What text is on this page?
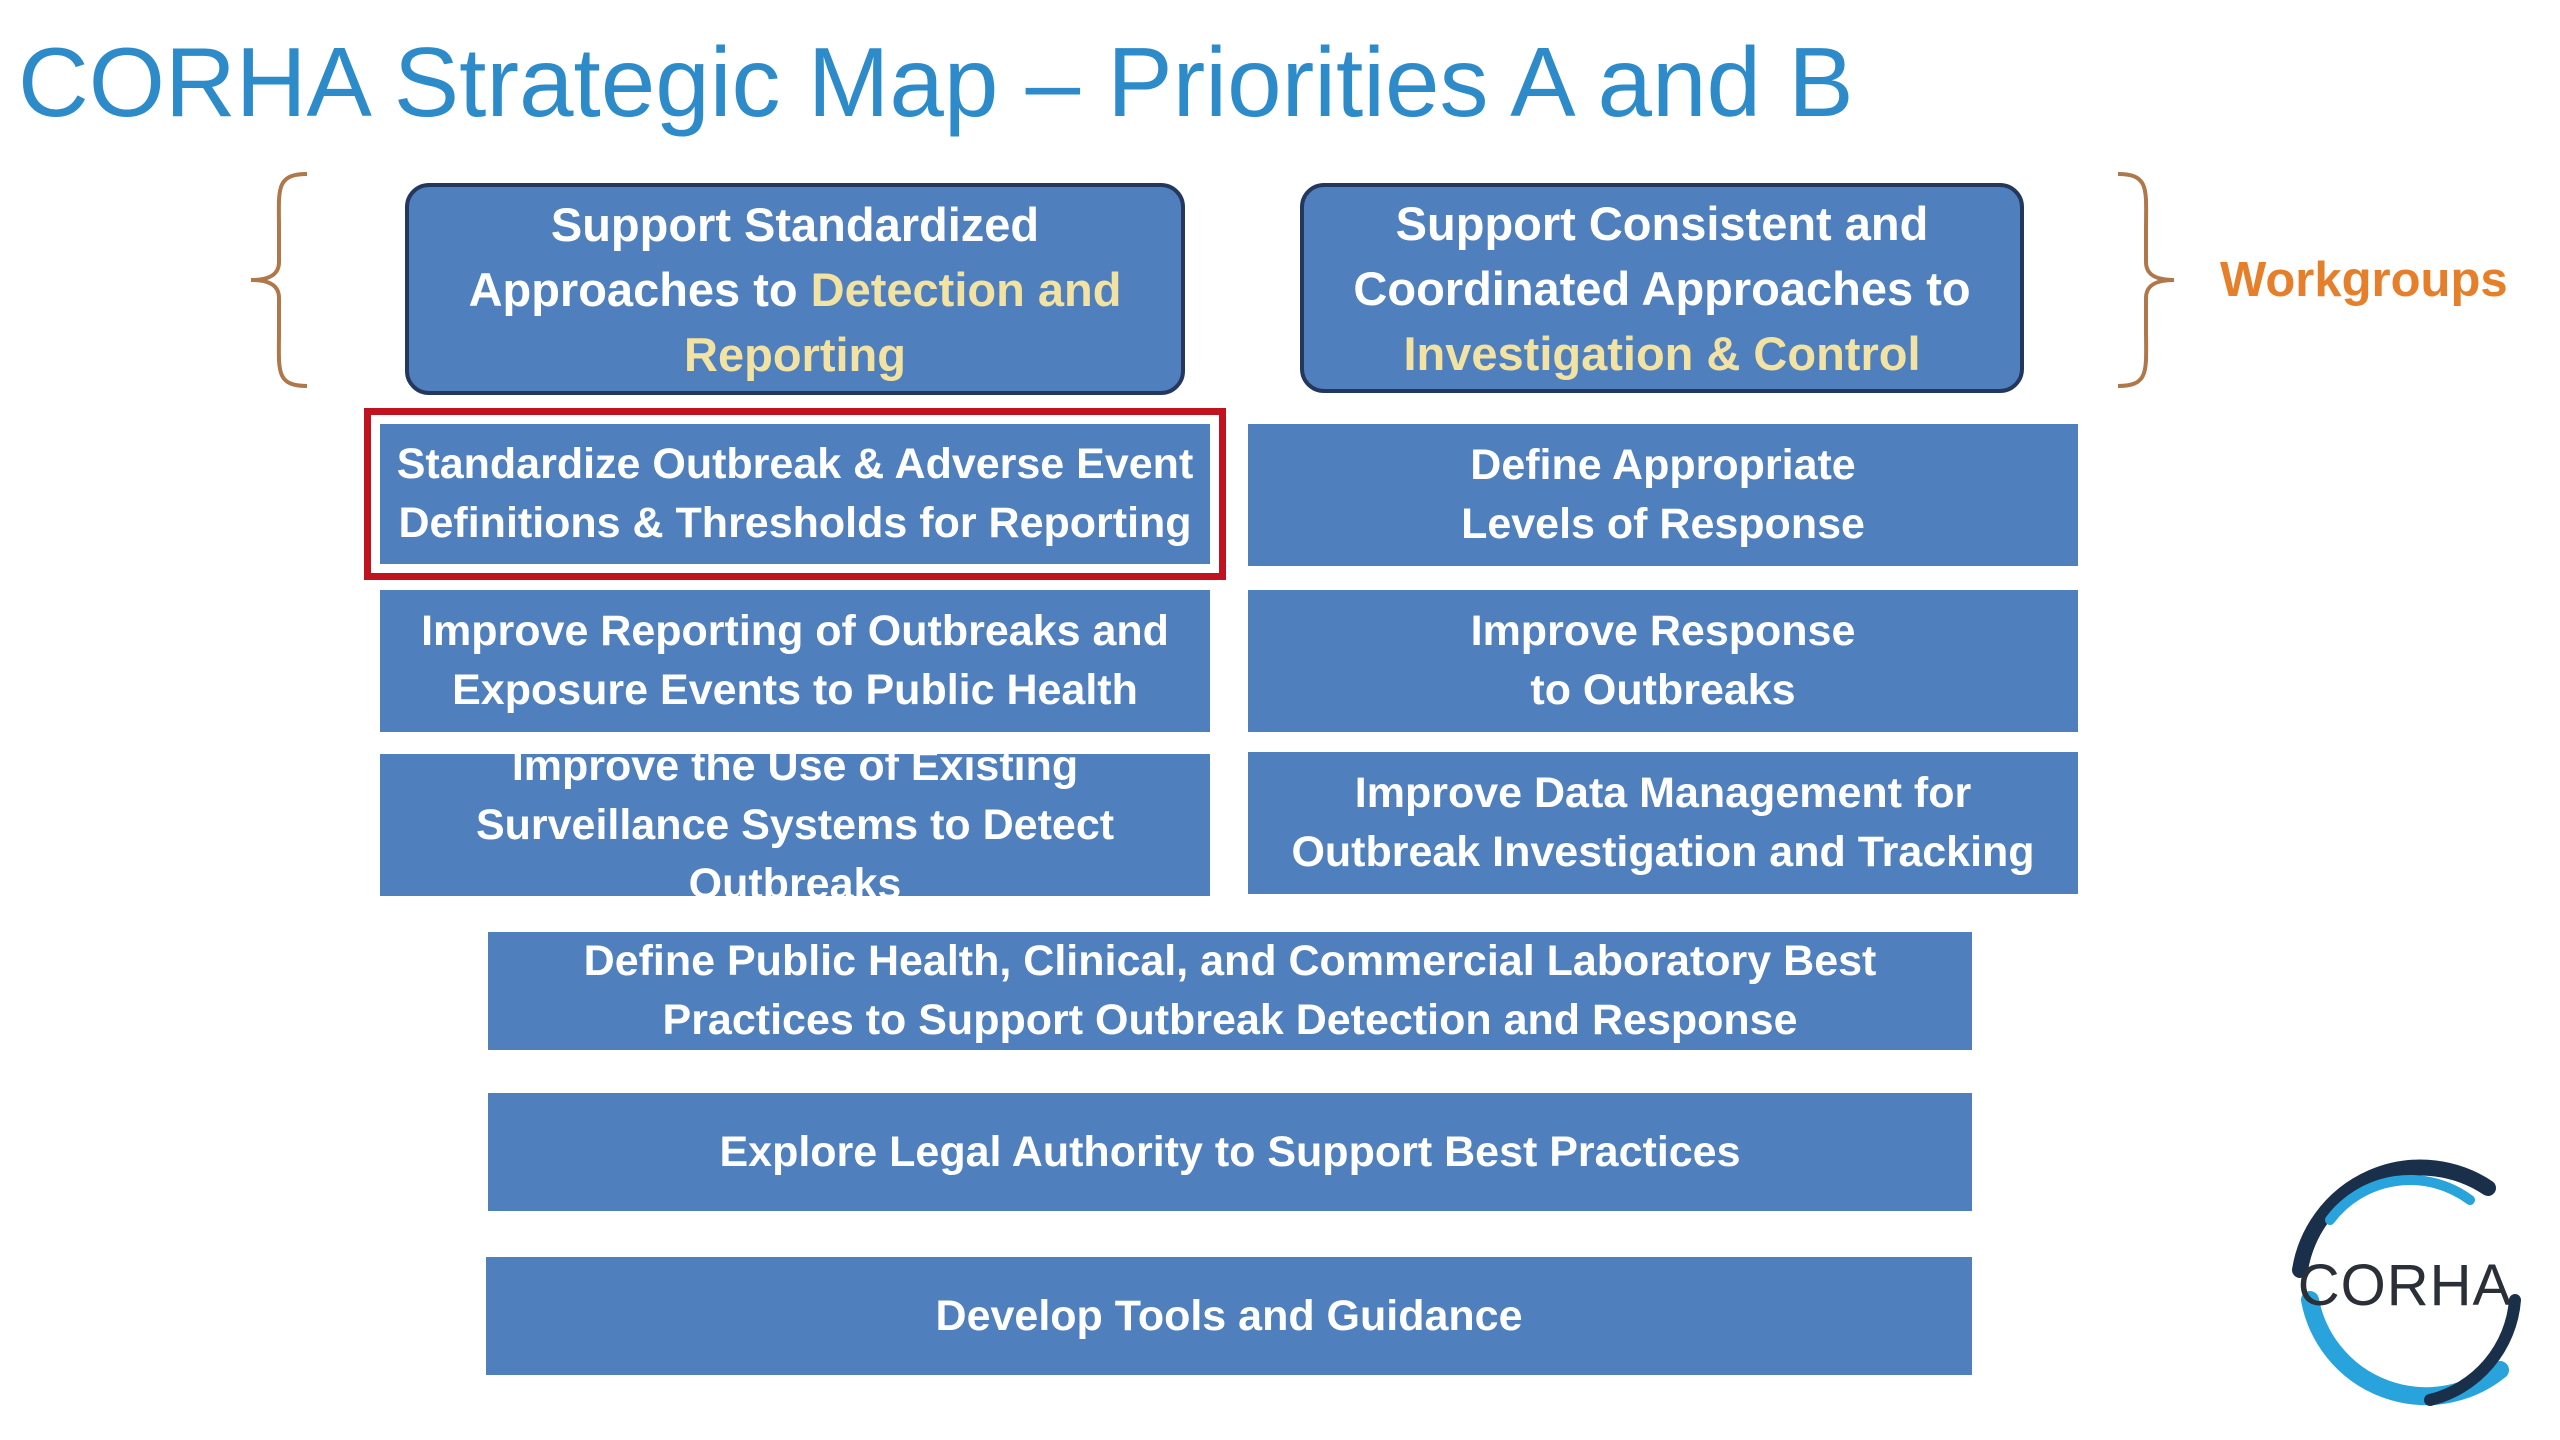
CORHA Strategic Map – Priorities A and B
Workgroups
Support Standardized Approaches to Detection and Reporting
Support Consistent and Coordinated Approaches to Investigation & Control
Standardize Outbreak & Adverse Event Definitions & Thresholds for Reporting
Improve Reporting of Outbreaks and Exposure Events to Public Health
Improve the Use of Existing Surveillance Systems to Detect Outbreaks
Define Appropriate Levels of Response
Improve Response to Outbreaks
Improve Data Management for Outbreak Investigation and Tracking
Define Public Health, Clinical, and Commercial Laboratory Best Practices to Support Outbreak Detection and Response
Explore Legal Authority to Support Best Practices
Develop Tools and Guidance	CORHA
